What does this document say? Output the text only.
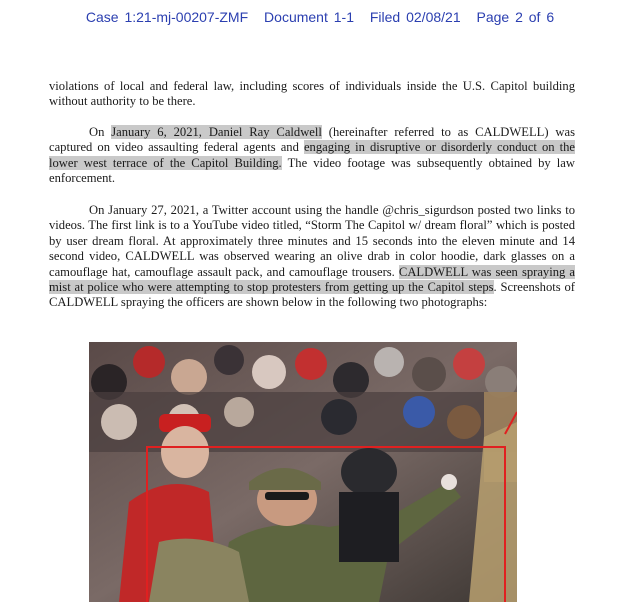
Case 1:21-mj-00207-ZMF Document 1-1 Filed 02/08/21 Page 2 of 6

violations of local and federal law, including scores of individuals inside the U.S. Capitol building without authority to be there.

On January 6, 2021, Daniel Ray Caldwell (hereinafter referred to as CALDWELL) was captured on video assaulting federal agents and engaging in disruptive or disorderly conduct on the lower west terrace of the Capitol Building. The video footage was subsequently obtained by law enforcement.

On January 27, 2021, a Twitter account using the handle @chris_sigurdson posted two links to videos. The first link is to a YouTube video titled, “Storm The Capitol w/ dream floral” which is posted by user dream floral. At approximately three minutes and 15 seconds into the eleven minute and 14 second video, CALDWELL was observed wearing an olive drab in color hoodie, dark glasses on a camouflage hat, camouflage assault pack, and camouflage trousers. CALDWELL was seen spraying a mist at police who were attempting to stop protesters from getting up the Capitol steps. Screenshots of CALDWELL spraying the officers are shown below in the following two photographs:
